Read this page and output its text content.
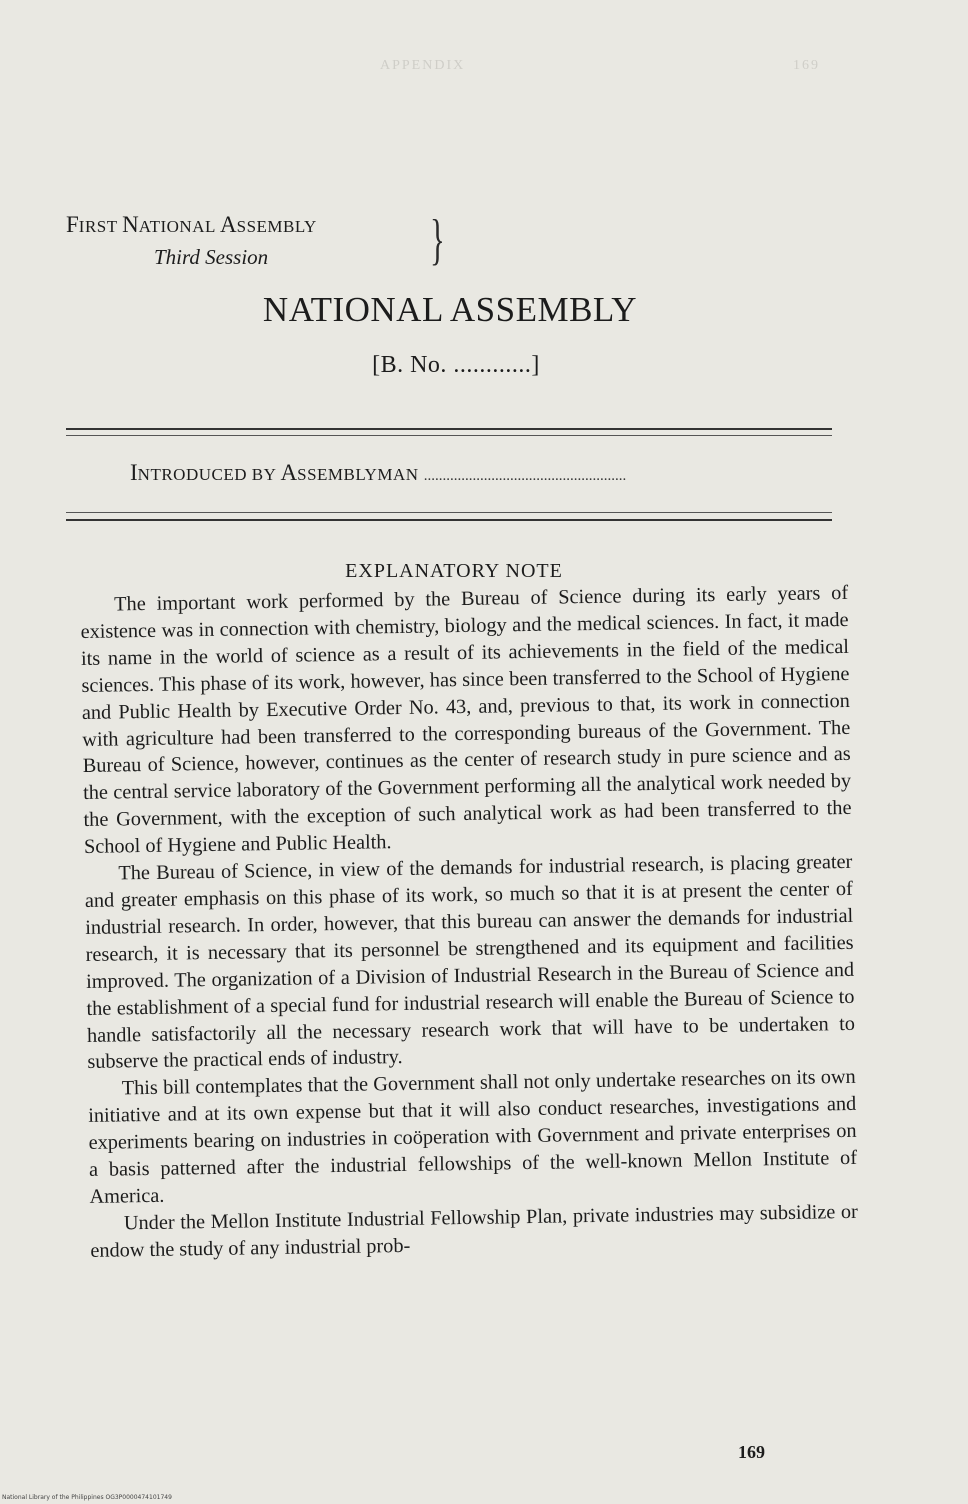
APPENDIX	169
FIRST NATIONAL ASSEMBLY
Third Session	}
NATIONAL ASSEMBLY
[B. No. ............]
INTRODUCED BY ASSEMBLYMAN ......................................................
EXPLANATORY NOTE

The important work performed by the Bureau of Science during its early years of existence was in connection with chemistry, biology and the medical sciences. In fact, it made its name in the world of science as a result of its achievements in the field of the medical sciences. This phase of its work, however, has since been transferred to the School of Hygiene and Public Health by Executive Order No. 43, and, previous to that, its work in connection with agriculture had been transferred to the corresponding bureaus of the Government. The Bureau of Science, however, continues as the center of research study in pure science and as the central service laboratory of the Government performing all the analytical work needed by the Government, with the exception of such analytical work as had been transferred to the School of Hygiene and Public Health.

The Bureau of Science, in view of the demands for industrial research, is placing greater and greater emphasis on this phase of its work, so much so that it is at present the center of industrial research. In order, however, that this bureau can answer the demands for industrial research, it is necessary that its personnel be strengthened and its equipment and facilities improved. The organization of a Division of Industrial Research in the Bureau of Science and the establishment of a special fund for industrial research will enable the Bureau of Science to handle satisfactorily all the necessary research work that will have to be undertaken to subserve the practical ends of industry.

This bill contemplates that the Government shall not only undertake researches on its own initiative and at its own expense but that it will also conduct researches, investigations and experiments bearing on industries in coöperation with Government and private enterprises on a basis patterned after the industrial fellowships of the well-known Mellon Institute of America.

Under the Mellon Institute Industrial Fellowship Plan, private industries may subsidize or endow the study of any industrial prob-

169
National Library of the Philippines OG3P0000474101749
